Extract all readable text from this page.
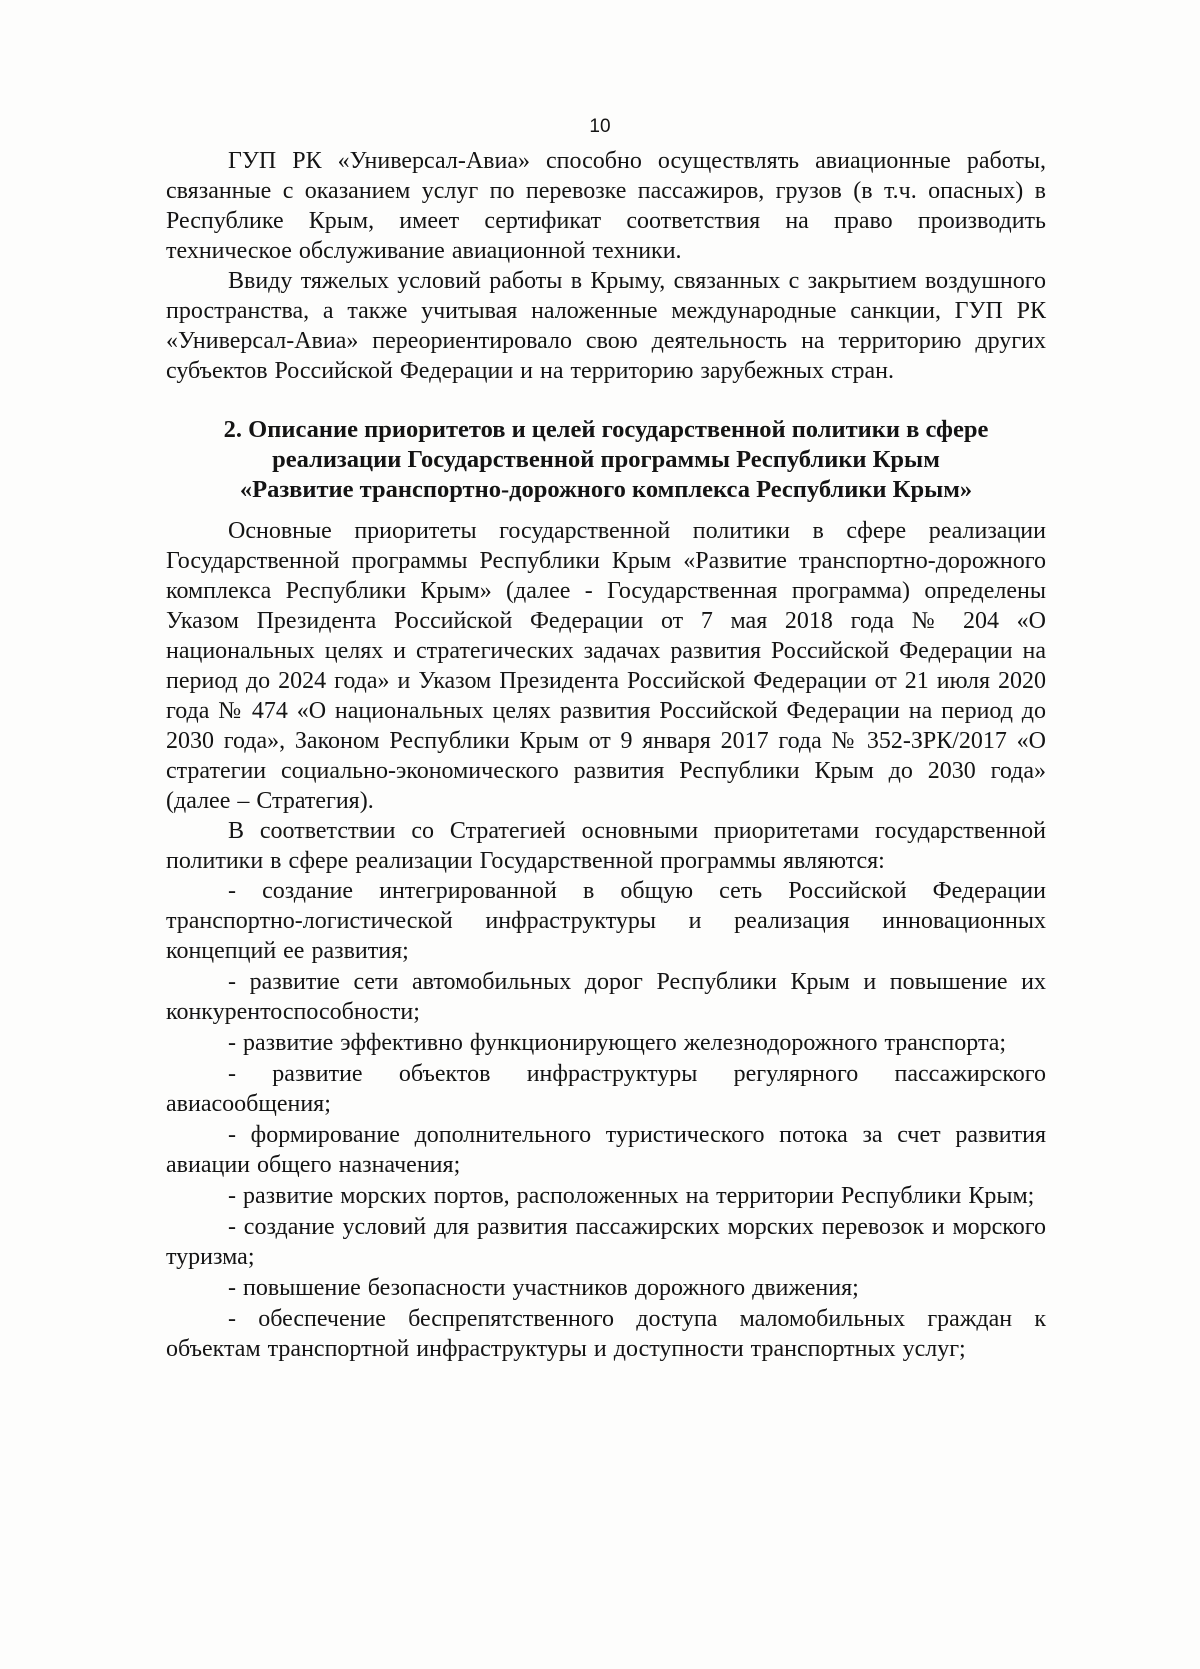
10

ГУП РК «Универсал-Авиа» способно осуществлять авиационные работы, связанные с оказанием услуг по перевозке пассажиров, грузов (в т.ч. опасных) в Республике Крым, имеет сертификат соответствия на право производить техническое обслуживание авиационной техники.

Ввиду тяжелых условий работы в Крыму, связанных с закрытием воздушного пространства, а также учитывая наложенные международные санкции, ГУП РК «Универсал-Авиа» переориентировало свою деятельность на территорию других субъектов Российской Федерации и на территорию зарубежных стран.

2. Описание приоритетов и целей государственной политики в сфере
реализации Государственной программы Республики Крым
«Развитие транспортно-дорожного комплекса Республики Крым»

Основные приоритеты государственной политики в сфере реализации Государственной программы Республики Крым «Развитие транспортно-дорожного комплекса Республики Крым» (далее - Государственная программа) определены Указом Президента Российской Федерации от 7 мая 2018 года № 204 «О национальных целях и стратегических задачах развития Российской Федерации на период до 2024 года» и Указом Президента Российской Федерации от 21 июля 2020 года № 474 «О национальных целях развития Российской Федерации на период до 2030 года», Законом Республики Крым от 9 января 2017 года № 352-ЗРК/2017 «О стратегии социально-экономического развития Республики Крым до 2030 года» (далее – Стратегия).

В соответствии со Стратегией основными приоритетами государственной политики в сфере реализации Государственной программы являются:

- создание интегрированной в общую сеть Российской Федерации транспортно-логистической инфраструктуры и реализация инновационных концепций ее развития;

- развитие сети автомобильных дорог Республики Крым и повышение их конкурентоспособности;

- развитие эффективно функционирующего железнодорожного транспорта;

- развитие объектов инфраструктуры регулярного пассажирского авиасообщения;

- формирование дополнительного туристического потока за счет развития авиации общего назначения;

- развитие морских портов, расположенных на территории Республики Крым;

- создание условий для развития пассажирских морских перевозок и морского туризма;

- повышение безопасности участников дорожного движения;

- обеспечение беспрепятственного доступа маломобильных граждан к объектам транспортной инфраструктуры и доступности транспортных услуг;
